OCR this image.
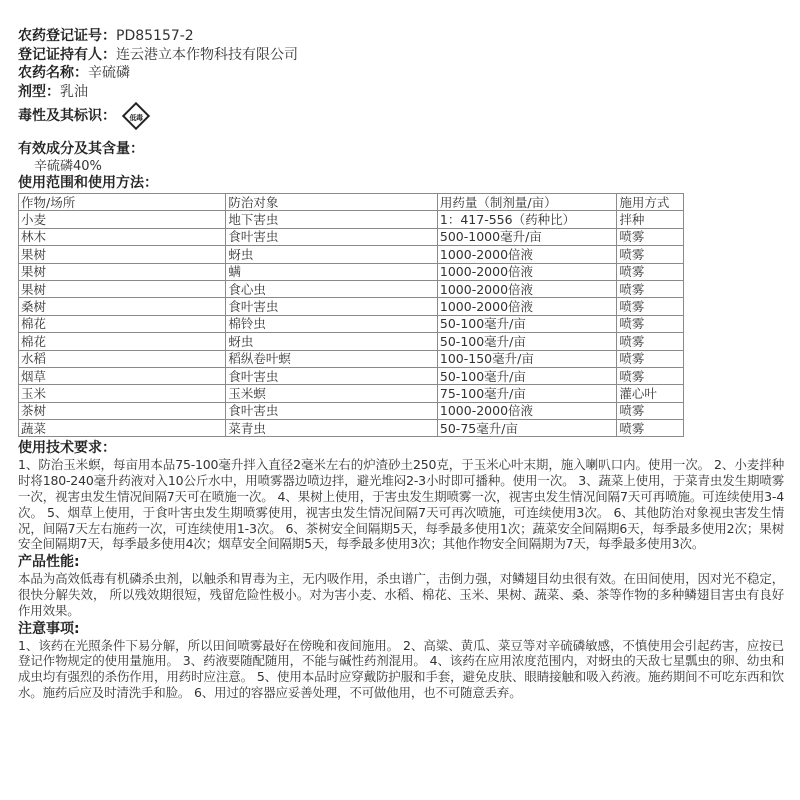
农药登记证号：PD85157-2
登记证持有人：连云港立本作物科技有限公司
农药名称：辛硫磷
剂型：乳油
毒性及其标识：	低毒
有效成分及其含量：
辛硫磷40%
使用范围和使用方法：
作物/场所	防治对象	用药量（制剂量/亩）	施用方式
小麦	地下害虫	1：417-556（药种比）	拌种
林木	食叶害虫	500-1000毫升/亩	喷雾
果树	蚜虫	1000-2000倍液	喷雾
果树	螨	1000-2000倍液	喷雾
果树	食心虫	1000-2000倍液	喷雾
桑树	食叶害虫	1000-2000倍液	喷雾
棉花	棉铃虫	50-100毫升/亩	喷雾
棉花	蚜虫	50-100毫升/亩	喷雾
水稻	稻纵卷叶螟	100-150毫升/亩	喷雾
烟草	食叶害虫	50-100毫升/亩	喷雾
玉米	玉米螟	75-100毫升/亩	灌心叶
茶树	食叶害虫	1000-2000倍液	喷雾
蔬菜	菜青虫	50-75毫升/亩	喷雾
使用技术要求：
1、防治玉米螟，每亩用本品75-100毫升拌入直径2毫米左右的炉渣砂土250克，于玉米心叶末期，施入喇叭口内。使用一次。 2、小麦拌种时将180-240毫升药液对入10公斤水中，用喷雾器边喷边拌，避光堆闷2-3小时即可播种。使用一次。 3、蔬菜上使用，于菜青虫发生期喷雾一次，视害虫发生情况间隔7天可在喷施一次。 4、果树上使用，于害虫发生期喷雾一次，视害虫发生情况间隔7天可再喷施。可连续使用3-4次。 5、烟草上使用，于食叶害虫发生期喷雾使用，视害虫发生情况间隔7天可再次喷施，可连续使用3次。 6、其他防治对象视虫害发生情况，间隔7天左右施药一次，可连续使用1-3次。 6、茶树安全间隔期5天，每季最多使用1次；蔬菜安全间隔期6天，每季最多使用2次；果树安全间隔期7天，每季最多使用4次；烟草安全间隔期5天，每季最多使用3次；其他作物安全间隔期为7天，每季最多使用3次。
产品性能:
本品为高效低毒有机磷杀虫剂，以触杀和胃毒为主，无内吸作用，杀虫谱广，击倒力强，对鳞翅目幼虫很有效。在田间使用，因对光不稳定，很快分解失效， 所以残效期很短，残留危险性极小。对为害小麦、水稻、棉花、玉米、果树、蔬菜、桑、茶等作物的多种鳞翅目害虫有良好作用效果。
注意事项:
1、该药在光照条件下易分解，所以田间喷雾最好在傍晚和夜间施用。 2、高粱、黄瓜、菜豆等对辛硫磷敏感，不慎使用会引起药害，应按已登记作物规定的使用量施用。 3、药液要随配随用，不能与碱性药剂混用。 4、该药在应用浓度范围内，对蚜虫的天敌七星瓢虫的卵、幼虫和成虫均有强烈的杀伤作用，用药时应注意。 5、使用本品时应穿戴防护服和手套，避免皮肤、眼睛接触和吸入药液。施药期间不可吃东西和饮水。施药后应及时清洗手和脸。 6、用过的容器应妥善处理，不可做他用，也不可随意丢弃。
